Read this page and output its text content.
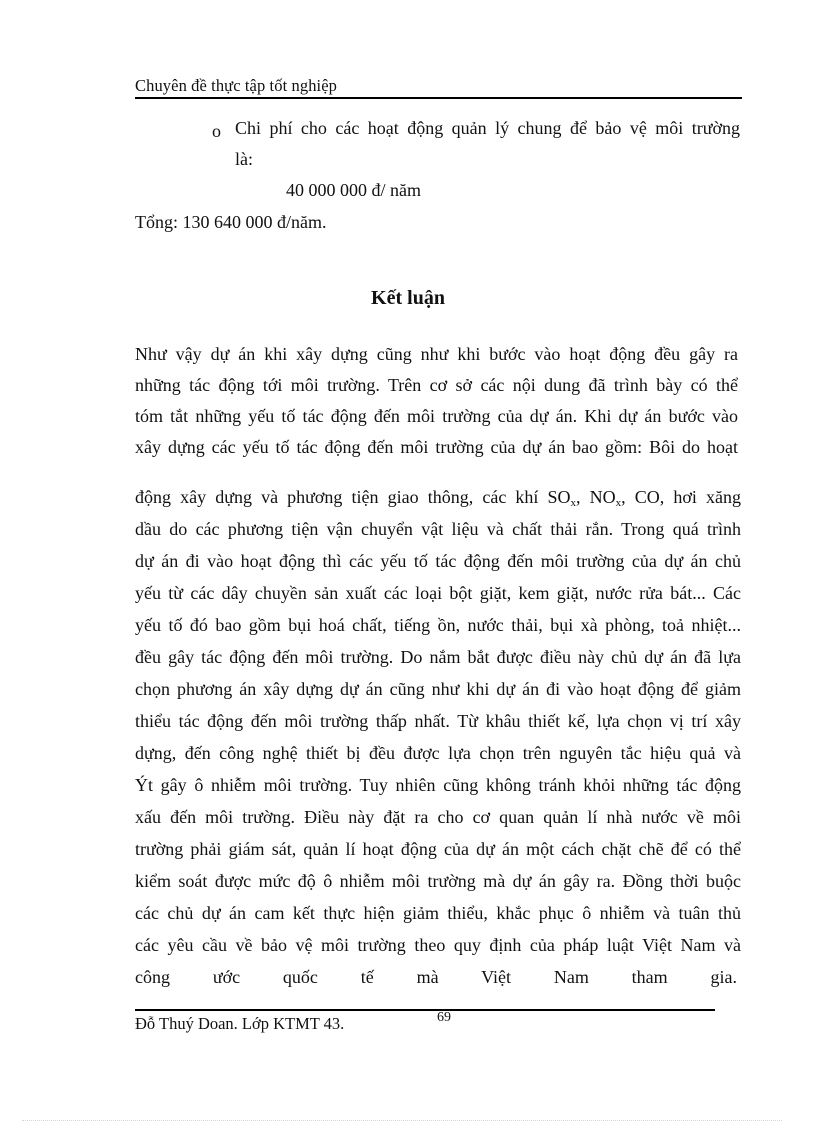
Chuyên đề thực tập tốt nghiệp
o Chi phí cho các hoạt động quản lý chung để bảo vệ môi trường
là:
40 000 000 đ/ năm
Tổng: 130 640 000 đ/năm.
Kết luận
Như vậy dự án khi xây dựng cũng như khi bước vào hoạt động đều gây ra
những tác động tới môi trường. Trên cơ sở các nội dung đã trình bày có thể
tóm tắt những yếu tố tác động đến môi trường của dự án. Khi dự án bước vào
xây dựng các yếu tố tác động đến môi trường của dự án bao gồm: Bôi do hoạt
động xây dựng và phương tiện giao thông, các khí $SO_x$, $NO_x$, CO, hơi xăng
dầu do các phương tiện vận chuyển vật liệu và chất thải rắn. Trong quá trình
dự án đi vào hoạt động thì các yếu tố tác động đến môi trường của dự án chủ
yếu từ các dây chuyền sản xuất các loại bột giặt, kem giặt, nước rửa bát... Các
yếu tố đó bao gồm bụi hoá chất, tiếng ồn, nước thải, bụi xà phòng, toả nhiệt...
đều gây tác động đến môi trường. Do nắm bắt được điều này chủ dự án đã lựa
chọn phương án xây dựng dự án cũng như khi dự án đi vào hoạt động để giảm
thiểu tác động đến môi trường thấp nhất. Từ khâu thiết kế, lựa chọn vị trí xây
dựng, đến công nghệ thiết bị đều được lựa chọn trên nguyên tắc hiệu quả và
Ýt gây ô nhiễm môi trường. Tuy nhiên cũng không tránh khỏi những tác động
xấu đến môi trường. Điều này đặt ra cho cơ quan quản lí nhà nước về môi
trường phải giám sát, quản lí hoạt động của dự án một cách chặt chẽ để có thể
kiểm soát được mức độ ô nhiễm môi trường mà dự án gây ra. Đồng thời buộc
các chủ dự án cam kết thực hiện giảm thiểu, khắc phục ô nhiễm và tuân thủ
các yêu cầu về bảo vệ môi trường theo quy định của pháp luật Việt Nam và
công ước quốc tế mà Việt Nam tham gia.
Đỗ Thuý Doan. Lớp KTMT 43.	69
